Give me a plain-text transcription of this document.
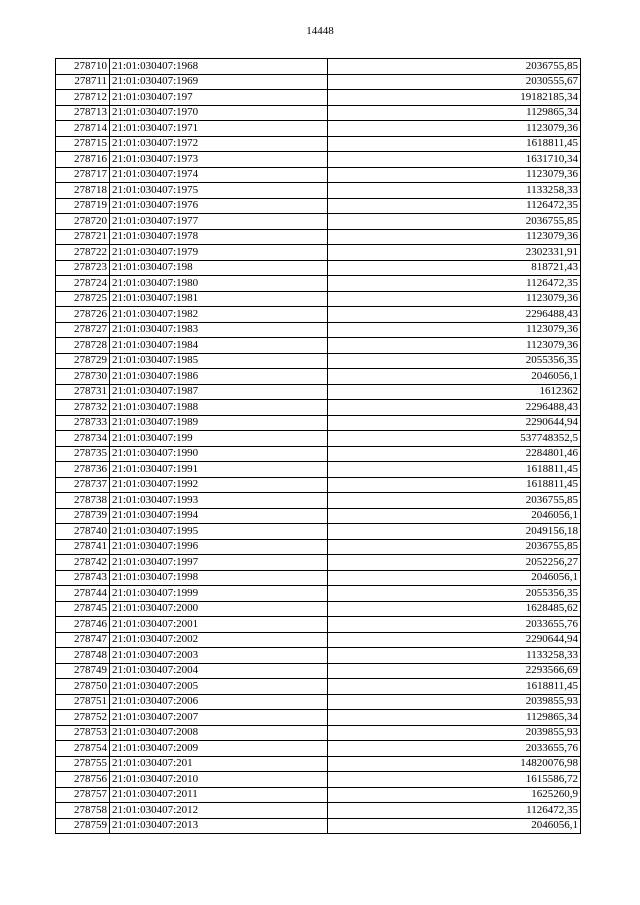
14448
278710	21:01:030407:1968	2036755,85
278711	21:01:030407:1969	2030555,67
278712	21:01:030407:197	19182185,34
278713	21:01:030407:1970	1129865,34
278714	21:01:030407:1971	1123079,36
278715	21:01:030407:1972	1618811,45
278716	21:01:030407:1973	1631710,34
278717	21:01:030407:1974	1123079,36
278718	21:01:030407:1975	1133258,33
278719	21:01:030407:1976	1126472,35
278720	21:01:030407:1977	2036755,85
278721	21:01:030407:1978	1123079,36
278722	21:01:030407:1979	2302331,91
278723	21:01:030407:198	818721,43
278724	21:01:030407:1980	1126472,35
278725	21:01:030407:1981	1123079,36
278726	21:01:030407:1982	2296488,43
278727	21:01:030407:1983	1123079,36
278728	21:01:030407:1984	1123079,36
278729	21:01:030407:1985	2055356,35
278730	21:01:030407:1986	2046056,1
278731	21:01:030407:1987	1612362
278732	21:01:030407:1988	2296488,43
278733	21:01:030407:1989	2290644,94
278734	21:01:030407:199	537748352,5
278735	21:01:030407:1990	2284801,46
278736	21:01:030407:1991	1618811,45
278737	21:01:030407:1992	1618811,45
278738	21:01:030407:1993	2036755,85
278739	21:01:030407:1994	2046056,1
278740	21:01:030407:1995	2049156,18
278741	21:01:030407:1996	2036755,85
278742	21:01:030407:1997	2052256,27
278743	21:01:030407:1998	2046056,1
278744	21:01:030407:1999	2055356,35
278745	21:01:030407:2000	1628485,62
278746	21:01:030407:2001	2033655,76
278747	21:01:030407:2002	2290644,94
278748	21:01:030407:2003	1133258,33
278749	21:01:030407:2004	2293566,69
278750	21:01:030407:2005	1618811,45
278751	21:01:030407:2006	2039855,93
278752	21:01:030407:2007	1129865,34
278753	21:01:030407:2008	2039855,93
278754	21:01:030407:2009	2033655,76
278755	21:01:030407:201	14820076,98
278756	21:01:030407:2010	1615586,72
278757	21:01:030407:2011	1625260,9
278758	21:01:030407:2012	1126472,35
278759	21:01:030407:2013	2046056,1
